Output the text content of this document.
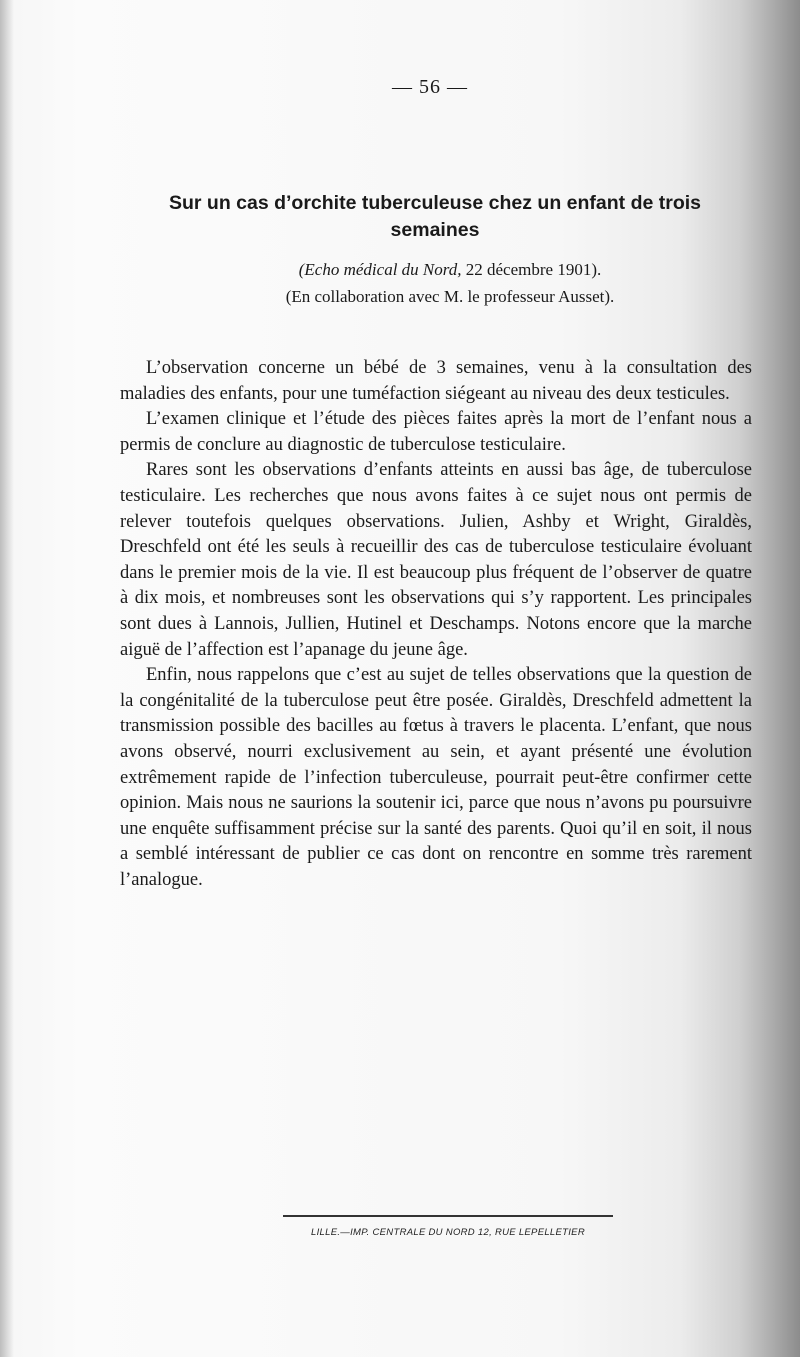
— 56 —
Sur un cas d’orchite tuberculeuse chez un enfant de trois semaines
(Echo médical du Nord, 22 décembre 1901).
(En collaboration avec M. le professeur Ausset).

L’observation concerne un bébé de 3 semaines, venu à la consultation des maladies des enfants, pour une tuméfaction siégeant au niveau des deux testicules.

L’examen clinique et l’étude des pièces faites après la mort de l’enfant nous a permis de conclure au diagnostic de tuberculose testiculaire.

Rares sont les observations d’enfants atteints en aussi bas âge, de tuberculose testiculaire. Les recherches que nous avons faites à ce sujet nous ont permis de relever toutefois quelques observations. Julien, Ashby et Wright, Giraldès, Dreschfeld ont été les seuls à recueillir des cas de tuberculose testiculaire évoluant dans le premier mois de la vie. Il est beaucoup plus fréquent de l’observer de quatre à dix mois, et nombreuses sont les observations qui s’y rapportent. Les principales sont dues à Lannois, Jullien, Hutinel et Deschamps. Notons encore que la marche aiguë de l’affection est l’apanage du jeune âge.

Enfin, nous rappelons que c’est au sujet de telles observations que la question de la congénitalité de la tuberculose peut être posée. Giraldès, Dreschfeld admettent la transmission possible des bacilles au fœtus à travers le placenta. L’enfant, que nous avons observé, nourri exclusivement au sein, et ayant présenté une évolution extrêmement rapide de l’infection tuberculeuse, pourrait peut-être confirmer cette opinion. Mais nous ne saurions la soutenir ici, parce que nous n’avons pu poursuivre une enquête suffisamment précise sur la santé des parents. Quoi qu’il en soit, il nous a semblé intéressant de publier ce cas dont on rencontre en somme très rarement l’analogue.

LILLE.—IMP. CENTRALE DU NORD 12, RUE LEPELLETIER
